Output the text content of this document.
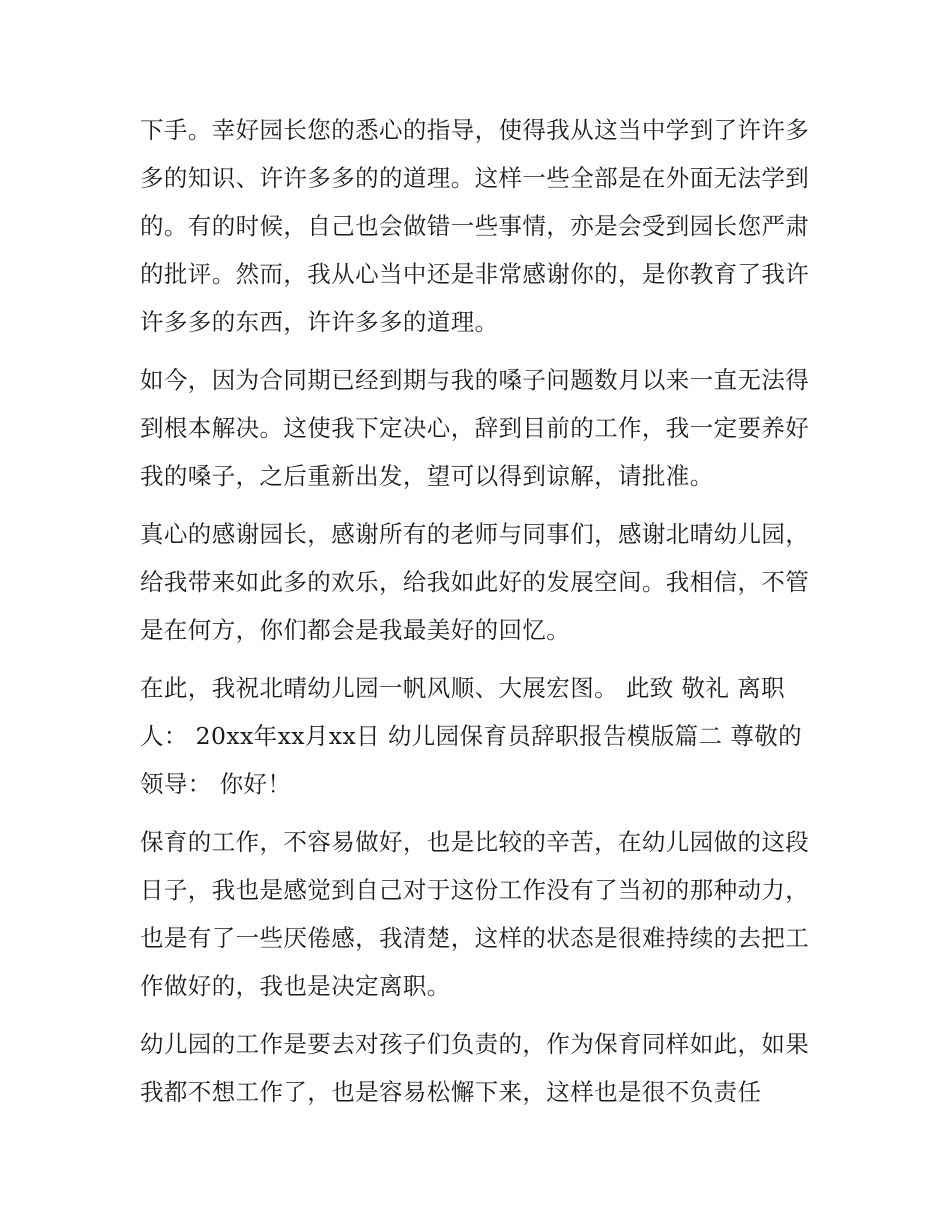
下手。幸好园长您的悉心的指导，使得我从这当中学到了许许多多的知识、许许多多的的道理。这样一些全部是在外面无法学到的。有的时候，自己也会做错一些事情，亦是会受到园长您严肃的批评。然而，我从心当中还是非常感谢你的，是你教育了我许许多多的东西，许许多多的道理。

如今，因为合同期已经到期与我的嗓子问题数月以来一直无法得到根本解决。这使我下定决心，辞到目前的工作，我一定要养好我的嗓子，之后重新出发，望可以得到谅解，请批准。

真心的感谢园长，感谢所有的老师与同事们，感谢北晴幼儿园，给我带来如此多的欢乐，给我如此好的发展空间。我相信，不管是在何方，你们都会是我最美好的回忆。

在此，我祝北晴幼儿园一帆风顺、大展宏图。 此致 敬礼 离职人： 20xx年xx月xx日 幼儿园保育员辞职报告模版篇二 尊敬的领导： 你好！

保育的工作，不容易做好，也是比较的辛苦，在幼儿园做的这段日子，我也是感觉到自己对于这份工作没有了当初的那种动力，也是有了一些厌倦感，我清楚，这样的状态是很难持续的去把工作做好的，我也是决定离职。

幼儿园的工作是要去对孩子们负责的，作为保育同样如此，如果我都不想工作了，也是容易松懈下来，这样也是很不负责任
